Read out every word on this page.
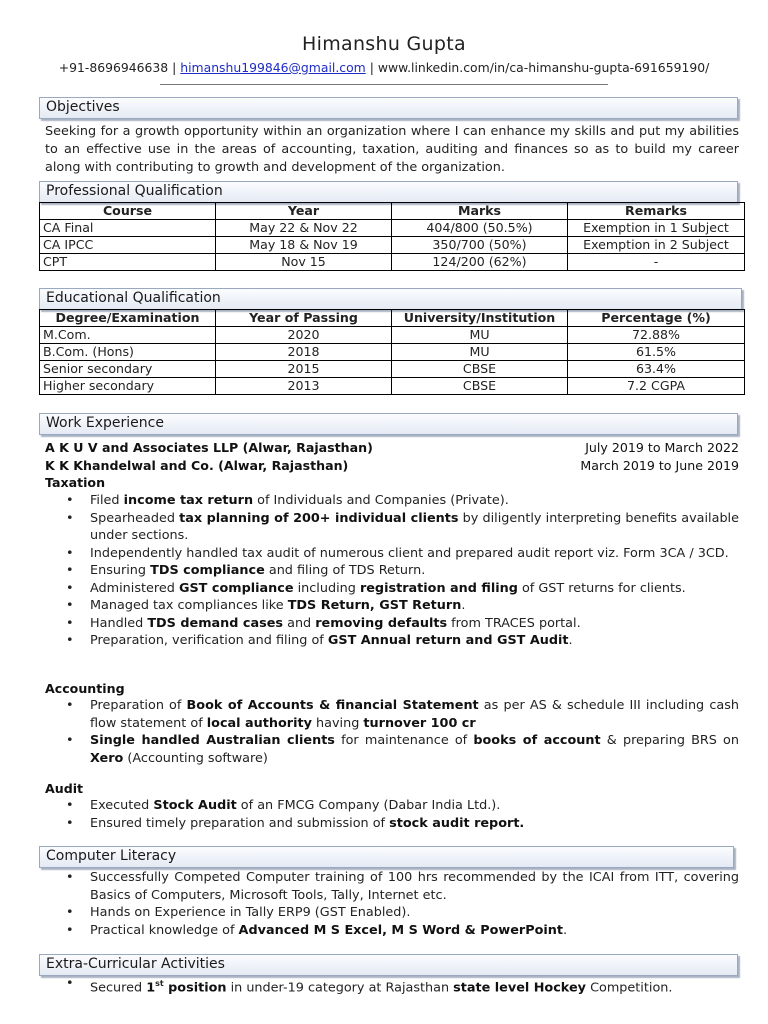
Himanshu Gupta
+91-8696946638 | himanshu199846@gmail.com | www.linkedin.com/in/ca-himanshu-gupta-691659190/
Objectives
Seeking for a growth opportunity within an organization where I can enhance my skills and put my abilities to an effective use in the areas of accounting, taxation, auditing and finances so as to build my career along with contributing to growth and development of the organization.
Professional Qualification
Course	Year	Marks	Remarks
CA Final	May 22 & Nov 22	404/800 (50.5%)	Exemption in 1 Subject
CA IPCC	May 18 & Nov 19	350/700 (50%)	Exemption in 2 Subject
CPT	Nov 15	124/200 (62%)	-
Educational Qualification
Degree/Examination	Year of Passing	University/Institution	Percentage (%)
M.Com.	2020	MU	72.88%
B.Com. (Hons)	2018	MU	61.5%
Senior secondary	2015	CBSE	63.4%
Higher secondary	2013	CBSE	7.2 CGPA
Work Experience
A K U V and Associates LLP (Alwar, Rajasthan)	July 2019 to March 2022
K K Khandelwal and Co. (Alwar, Rajasthan)	March 2019 to June 2019
Taxation
• Filed income tax return of Individuals and Companies (Private).
• Spearheaded tax planning of 200+ individual clients by diligently interpreting benefits available under sections.
• Independently handled tax audit of numerous client and prepared audit report viz. Form 3CA / 3CD.
• Ensuring TDS compliance and filing of TDS Return.
• Administered GST compliance including registration and filing of GST returns for clients.
• Managed tax compliances like TDS Return, GST Return.
• Handled TDS demand cases and removing defaults from TRACES portal.
• Preparation, verification and filing of GST Annual return and GST Audit.
Accounting
• Preparation of Book of Accounts & financial Statement as per AS & schedule III including cash flow statement of local authority having turnover 100 cr
• Single handled Australian clients for maintenance of books of account & preparing BRS on Xero (Accounting software)
Audit
• Executed Stock Audit of an FMCG Company (Dabar India Ltd.).
• Ensured timely preparation and submission of stock audit report.
Computer Literacy
• Successfully Competed Computer training of 100 hrs recommended by the ICAI from ITT, covering Basics of Computers, Microsoft Tools, Tally, Internet etc.
• Hands on Experience in Tally ERP9 (GST Enabled).
• Practical knowledge of Advanced M S Excel, M S Word & PowerPoint.
Extra-Curricular Activities
• Secured 1st position in under-19 category at Rajasthan state level Hockey Competition.
